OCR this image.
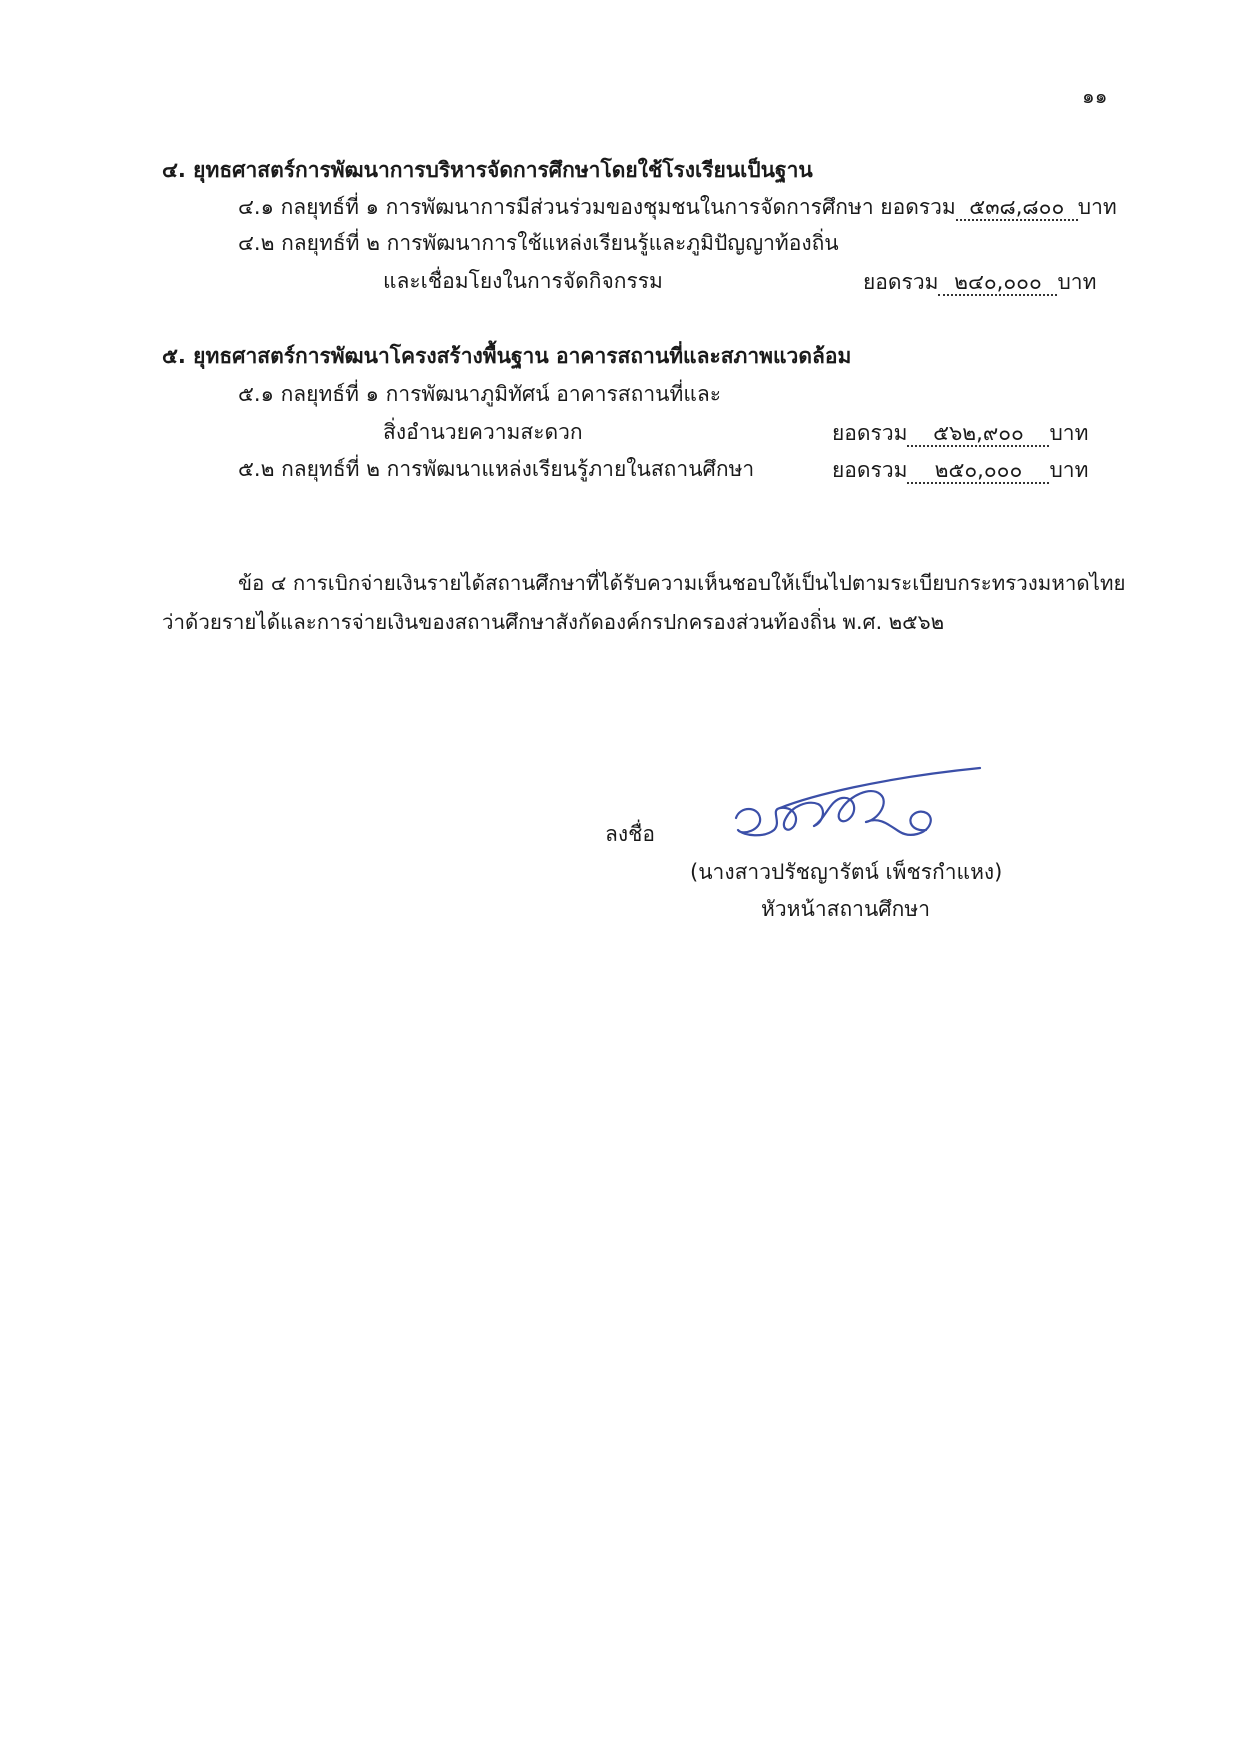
๑๑
๔. ยุทธศาสตร์การพัฒนาการบริหารจัดการศึกษาโดยใช้โรงเรียนเป็นฐาน
๔.๑ กลยุทธ์ที่ ๑ การพัฒนาการมีส่วนร่วมของชุมชนในการจัดการศึกษา ยอดรวม ๕๓๘,๘๐๐ บาท
๔.๒ กลยุทธ์ที่ ๒ การพัฒนาการใช้แหล่งเรียนรู้และภูมิปัญญาท้องถิ่น
และเชื่อมโยงในการจัดกิจกรรม	ยอดรวม ๒๔๐,๐๐๐ บาท
๕. ยุทธศาสตร์การพัฒนาโครงสร้างพื้นฐาน อาคารสถานที่และสภาพแวดล้อม
๕.๑ กลยุทธ์ที่ ๑ การพัฒนาภูมิทัศน์ อาคารสถานที่และ
สิ่งอำนวยความสะดวก	ยอดรวม ๕๖๒,๙๐๐ บาท
๕.๒ กลยุทธ์ที่ ๒ การพัฒนาแหล่งเรียนรู้ภายในสถานศึกษา	ยอดรวม ๒๕๐,๐๐๐ บาท
ข้อ ๔ การเบิกจ่ายเงินรายได้สถานศึกษาที่ได้รับความเห็นชอบให้เป็นไปตามระเบียบกระทรวงมหาดไทย
ว่าด้วยรายได้และการจ่ายเงินของสถานศึกษาสังกัดองค์กรปกครองส่วนท้องถิ่น พ.ศ. ๒๕๖๒
ลงชื่อ
(นางสาวปรัชญารัตน์ เพ็ชรกำแหง)
หัวหน้าสถานศึกษา
